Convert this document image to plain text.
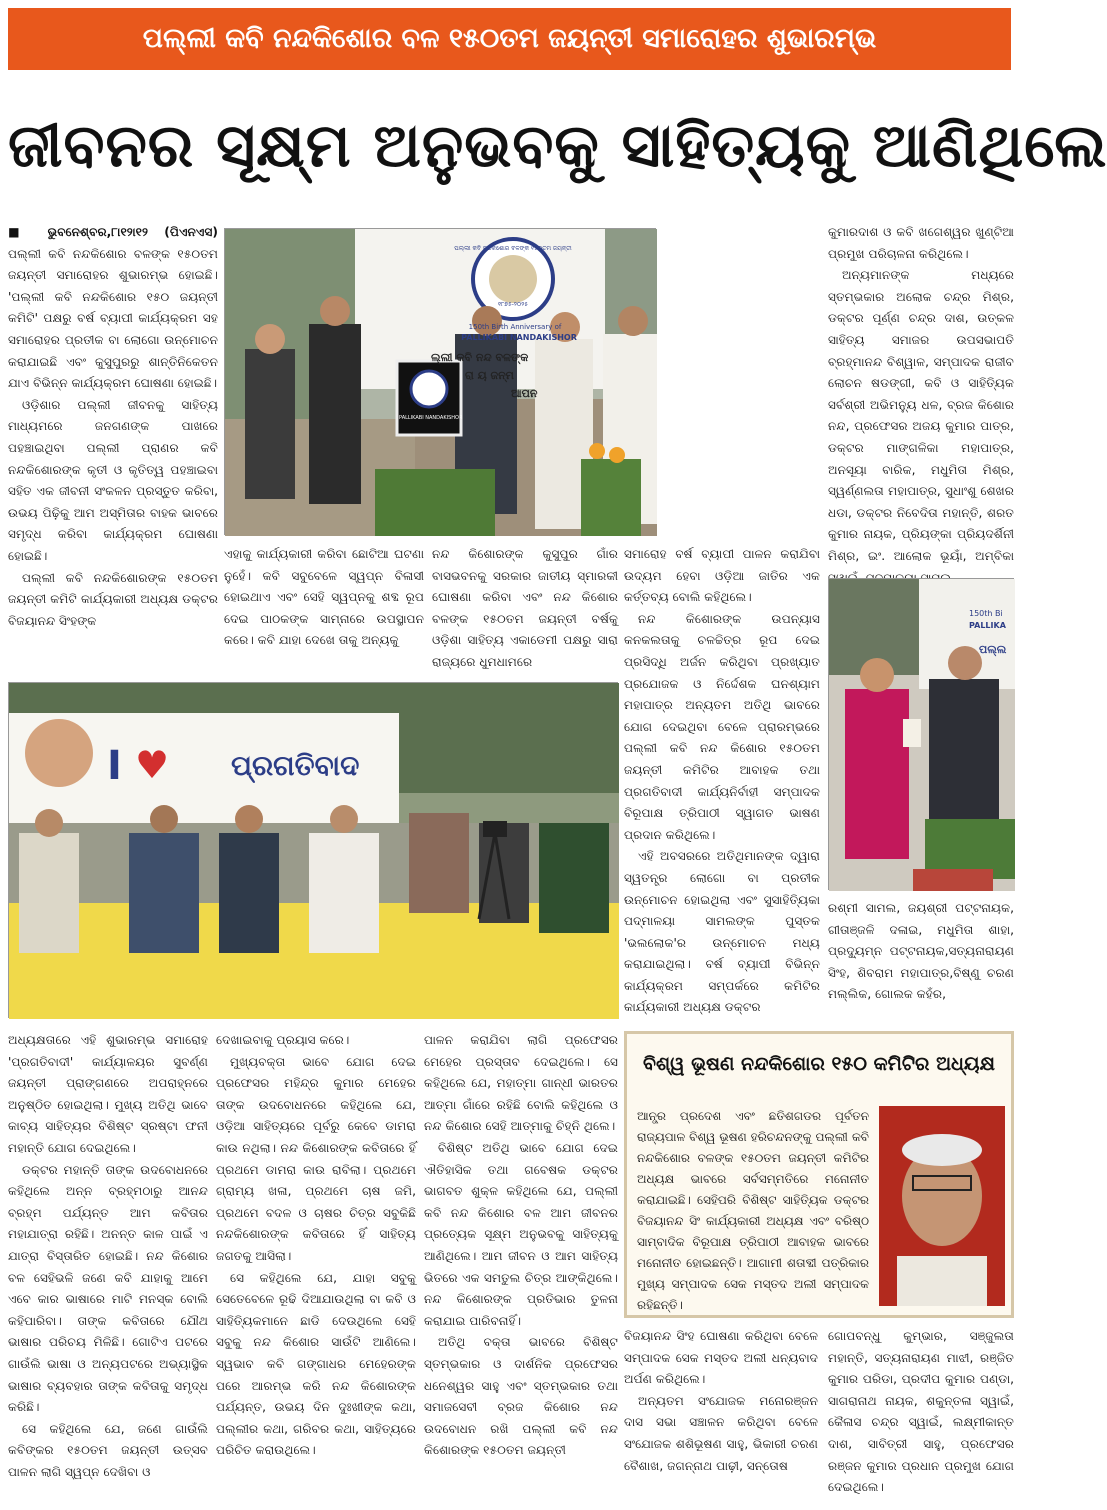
ପଲ୍ଲୀ କବି ନନ୍ଦକିଶୋର ବଳ ୧୫୦ତମ ଜୟନ୍ତୀ ସମାରୋହର ଶୁଭାରମ୍ଭ
ଜୀବନର ସୂକ୍ଷ୍ମ ଅନୁଭବକୁ ସାହିତ୍ୟକୁ ଆଣିଥିଲେ

■ ଭୁବନେଶ୍ବର,୮ା୧୨ା୧୨ (ପିଏନଏସ) ପଲ୍ଲୀ କବି ନନ୍ଦକିଶୋର ବଳଙ୍କ ୧୫୦ତମ ଜୟନ୍ତୀ ସମାରୋହର ଶୁଭାରମ୍ଭ ହୋଇଛି। 'ପଲ୍ଲୀ କବି ନନ୍ଦକିଶୋର ୧୫୦ ଜୟନ୍ତୀ କମିଟି' ପକ୍ଷରୁ ବର୍ଷ ବ୍ୟାପୀ କାର୍ଯ୍ୟକ୍ରମ ସହ ସମାରୋହର ପ୍ରତୀକ ବା ଲୋଗୋ ଉନ୍ମୋଚନ କରାଯାଇଛି ଏବଂ କୁସୁପୁରରୁ ଶାନ୍ତିନିକେତନ ଯାଏ ବିଭିନ୍ନ କାର୍ଯ୍ୟକ୍ରମ ଘୋଷଣା ହୋଇଛି।

ଓଡ଼ିଶାର ପଲ୍ଲୀ ଜୀବନକୁ ସାହିତ୍ୟ ମାଧ୍ୟମରେ ଜନଗଣଙ୍କ ପାଖରେ ପହଞ୍ଚାଇଥିବା ପଲ୍ଲୀ ପ୍ରାଣର କବି ନନ୍ଦକିଶୋରଙ୍କ କୃତୀ ଓ କୃତିତ୍ୱ ପହଞ୍ଚାଇବା ସହିତ ଏକ ଜୀବନୀ ସଂକଳନ ପ୍ରସ୍ତୁତ କରିବା, ଉଭୟ ପିଢ଼ିକୁ ଆମ ଅସ୍ମିତାର ବାହକ ଭାବରେ ସମୃଦ୍ଧ କରିବା କାର୍ଯ୍ୟକ୍ରମ ଘୋଷଣା ହୋଇଛି।

ପଲ୍ଲୀ କବି ନନ୍ଦକିଶୋରଙ୍କ ୧୫୦ତମ ଜୟନ୍ତୀ କମିଟି କାର୍ଯ୍ୟକାରୀ ଅଧ୍ୟକ୍ଷ ଡକ୍ଟର ବିଜୟାନନ୍ଦ ସିଂହଙ୍କ

ପଲ୍ଲୀ କବି ନନ୍ଦକିଶୋର ବଳଙ୍କ ୧୫୦ତମ ଜୟନ୍ତୀ
୧୮୭୫-୨୦୨୫
150th Birth Anniversary of
PALLIKABI NANDAKISHOR
PALLIKABI NANDAKISHOR
ଲ୍ଲୀ କବି ନନ୍ଦ ବଳଙ୍କ
ରା ୟ ଜନ୍ମ
ଆପନ

ଏହାକୁ କାର୍ଯ୍ୟକାରୀ କରିବା ଛୋଟିଆ ଘଟଣା ନୁହେଁ। କବି ସବୁବେଳେ ସ୍ୱପ୍ନ ବିଳାସୀ ହୋଇଥାଏ ଏବଂ ସେହି ସ୍ୱପ୍ନକୁ ଶବ୍ଦ ରୂପ ଦେଇ ପାଠକଙ୍କ ସାମ୍ନାରେ ଉପସ୍ଥାପନ କରେ। କବି ଯାହା ଦେଖେ ତାକୁ ଅନ୍ୟକୁ

ନନ୍ଦ କିଶୋରଙ୍କ କୁସୁପୁର ଗାଁର ବାସଭବନକୁ ସରକାର ଜାତୀୟ ସ୍ମାରକୀ ଘୋଷଣା କରିବା ଏବଂ ନନ୍ଦ କିଶୋର ବଳଙ୍କ ୧୫୦ତମ ଜୟନ୍ତୀ ବର୍ଷକୁ ଓଡ଼ିଶା ସାହିତ୍ୟ ଏକାଡେମୀ ପକ୍ଷରୁ ସାରା ରାଜ୍ୟରେ ଧୁମଧାମରେ

ସମାରୋହ ବର୍ଷ ବ୍ୟାପୀ ପାଳନ କରାଯିବା ଉଦ୍ୟମ ହେବା ଓଡ଼ିଆ ଜାତିର ଏକ କର୍ତ୍ତବ୍ୟ ବୋଲି କହିଥିଲେ।

ନନ୍ଦ କିଶୋରଙ୍କ ଉପନ୍ୟାସ କନକଲତାକୁ ଚଳଚ୍ଚିତ୍ର ରୂପ ଦେଇ ପ୍ରସିଦ୍ଧି ଅର୍ଜନ କରିଥିବା ପ୍ରଖ୍ୟାତ ପ୍ରଯୋଜକ ଓ ନିର୍ଦ୍ଦେଶକ ଘନଶ୍ୟାମ ମହାପାତ୍ର ଅନ୍ୟତମ ଅତିଥି ଭାବରେ ଯୋଗ ଦେଇଥିବା ବେଳେ ପ୍ରାରମ୍ଭରେ ପଲ୍ଲୀ କବି ନନ୍ଦ କିଶୋର ୧୫୦ତମ ଜୟନ୍ତୀ କମିଟିର ଆବାହକ ତଥା ପ୍ରଗତିବାଦୀ କାର୍ଯ୍ୟନିର୍ବାହୀ ସମ୍ପାଦକ ବିରୂପାକ୍ଷ ତ୍ରିପାଠୀ ସ୍ୱାଗତ ଭାଷଣ ପ୍ରଦାନ କରିଥିଲେ।

ଏହି ଅବସରରେ ଅତିଥିମାନଙ୍କ ଦ୍ୱାରା ସ୍ୱତନ୍ତ୍ର ଲୋଗୋ ବା ପ୍ରତୀକ ଉନ୍ମୋଚନ ହୋଇଥିଲା ଏବଂ ସୁସାହିତ୍ୟିକା ପଦ୍ମାଳୟା ସାମଲଙ୍କ ପୁସ୍ତକ 'ଭଲଲୋକ'ର ଉନ୍ମୋଚନ ମଧ୍ୟ କରାଯାଇଥିଲା। ବର୍ଷ ବ୍ୟାପୀ ବିଭିନ୍ନ କାର୍ଯ୍ୟକ୍ରମ ସମ୍ପର୍କରେ କମିଟିର କାର୍ଯ୍ୟକାରୀ ଅଧ୍ୟକ୍ଷ ଡକ୍ଟର

କୁମାରଦାଶ ଓ କବି ଖଗେଶ୍ୱର ଖୁଣ୍ଟିଆ ପ୍ରମୁଖ ପରିଚାଳନା କରିଥିଲେ।

ଅନ୍ୟମାନଙ୍କ ମଧ୍ୟରେ ସ୍ତମ୍ଭକାର ଅଲୋକ ଚନ୍ଦ୍ର ମିଶ୍ର, ଡକ୍ଟର ପୂର୍ଣ୍ଣ ଚନ୍ଦ୍ର ଦାଶ, ଉତ୍କଳ ସାହିତ୍ୟ ସମାଜର ଉପସଭାପତି ବ୍ରହ୍ମାନନ୍ଦ ବିଶ୍ୱାଳ, ସମ୍ପାଦକ ରାଜୀବ ଲୋଚନ ଷଡଙ୍ଗୀ, କବି ଓ ସାହିତ୍ୟିକ ସର୍ବଶ୍ରୀ ଅଭିମନ୍ୟୁ ଧଳ, ବ୍ରଜ କିଶୋର ନନ୍ଦ, ପ୍ରଫେସର ଅଜୟ କୁମାର ପାତ୍ର, ଡକ୍ଟର ମାଙ୍ଗଳିକା ମହାପାତ୍ର, ଅନସୂୟା ବାରିକ, ମଧୁମିତା ମିଶ୍ର, ସ୍ୱର୍ଣ୍ଣଲତା ମହାପାତ୍ର, ସୁଧାଂଶୁ ଶେଖର ଧଡା, ଡକ୍ଟର ନିବେଦିତା ମହାନ୍ତି, ଶରତ କୁମାର ନାୟକ, ପ୍ରିୟଙ୍କା ପ୍ରିୟଦର୍ଶିନୀ ମିଶ୍ର, ଇଂ. ଆଲୋକ ଭୂୟାଁ, ଅମ୍ବିକା

150th Bi
PALLIKA
ପଲ୍ଲ

ରଶ୍ମୀ ସାମଲ, ଜୟଶ୍ରୀ ପଟ୍ଟନାୟକ, ଗୀତାଞ୍ଜଳି ଦଳାଇ, ମଧୁମିତା ଶାହା, ପ୍ରଦ୍ୟୁମ୍ନ ପଟ୍ଟନାୟକ,ସତ୍ୟନାରାୟଣ ସିଂହ, ଶିବରାମ ମହାପାତ୍ର,ବିଷ୍ଣୁ ଚରଣ ମଲ୍ଲିକ, ଗୋଲକ କହଁର,

I ♥ ପ୍ରଗତିବାଦ

ଅଧ୍ୟକ୍ଷତାରେ ଏହି ଶୁଭାରମ୍ଭ ସମାରୋହ 'ପ୍ରଗତିବାଦୀ' କାର୍ଯ୍ୟାଳୟର ସୁବର୍ଣ୍ଣ ଜୟନ୍ତୀ ପ୍ରାଙ୍ଗଣରେ ଅପରାହ୍ନରେ ଅନୁଷ୍ଠିତ ହୋଇଥିଲା। ମୁଖ୍ୟ ଅତିଥି ଭାବେ କାବ୍ୟ ସାହିତ୍ୟର ବିଶିଷ୍ଟ ସ୍ରଷ୍ଟା ଫନୀ ମହାନ୍ତି ଯୋଗ ଦେଇଥିଲେ।

ଡକ୍ଟର ମହାନ୍ତି ତାଙ୍କ ଉଦବୋଧନରେ କହିଥିଲେ ଅନ୍ନ ବ୍ରହ୍ମଠାରୁ ଆନନ୍ଦ ବ୍ରହ୍ମ ପର୍ଯ୍ୟନ୍ତ ଆମ କବିତାର ମହାଯାତ୍ରା ରହିଛି। ଅନନ୍ତ କାଳ ପାଇଁ ଏ ଯାତ୍ରା ବିସ୍ତାରିତ ହୋଇଛି। ନନ୍ଦ କିଶୋର ବଳ ସେହିଭଳି ଜଣେ କବି ଯାହାକୁ ଆମେ ଏବେ କାର ଭାଷାରେ ମାଟି ମନସ୍କ ବୋଲି କହିପାରିବା। ତାଙ୍କ କବିତାରେ ଯୌଥ ଭାଷାର ପରିଚୟ ମିଳିଛି। ଗୋଟିଏ ପଟରେ ଗାଉଁଲି ଭାଷା ଓ ଅନ୍ୟପଟରେ ଅଭ୍ୟାସ୍ଥିକ ଭାଷାର ବ୍ୟବହାର ତାଙ୍କ କବିତାକୁ ସମୃଦ୍ଧ କରିଛି।

ସେ କହିଥିଲେ ଯେ, ଜଣେ ଗାଉଁଲି କବିଙ୍କର ୧୫୦ତମ ଜୟନ୍ତୀ ଉତ୍ସବ ପାଳନ ଲାଗି ସ୍ୱପ୍ନ ଦେଖିବା ଓ

ଦେଖାଇବାକୁ ପ୍ରୟାସ କରେ।

ମୁଖ୍ୟବକ୍ତା ଭାବେ ଯୋଗ ଦେଇ ପ୍ରଫେସର ମହିନ୍ଦ୍ର କୁମାର ମେହେର ତାଙ୍କ ଉଦବୋଧନରେ କହିଥିଲେ ଯେ, ଓଡ଼ିଆ ସାହିତ୍ୟରେ ପୂର୍ବରୁ କେବେ ଡାମରା କାଉ ନଥିଲା। ନନ୍ଦ କିଶୋରଙ୍କ କବିତାରେ ହିଁ ପ୍ରଥମେ ଡାମରା କାଉ ରାବିଲା। ପ୍ରଥମେ ଗ୍ରାମ୍ୟ ଖଳା, ପ୍ରଥମେ ଚାଷ ଜମି, ପ୍ରଥମେ ବଦଳ ଓ ଚାଷର ଚିତ୍ର ସବୁକିଛି ନନ୍ଦକିଶୋରଙ୍କ କବିତାରେ ହିଁ ସାହିତ୍ୟ ଜଗତକୁ ଆସିଲା।

ସେ କହିଥିଲେ ଯେ, ଯାହା ସବୁକୁ ସେତେବେଳେ ରୂଢି ଦିଆଯାଉଥିଲା ବା କବି ଓ ସାହିତ୍ୟିକମାନେ ଛାଡି ଦେଉଥିଲେ ସେହି ସବୁକୁ ନନ୍ଦ କିଶୋର ସାଉଁଟି ଆଣିଲେ। ସ୍ୱଭାବ କବି ଗଙ୍ଗାଧର ମେହେରଙ୍କ ପରେ ଆରମ୍ଭ କରି ନନ୍ଦ କିଶୋରଙ୍କ ପର୍ଯ୍ୟନ୍ତ, ଉଭୟ ଦିନ ଦୁଃଖୀଙ୍କ କଥା, ପଲ୍ଲୀର କଥା, ଗରିବର କଥା, ସାହିତ୍ୟରେ ପରିଚିତ କରାଉଥିଲେ।

ପାଳନ କରାଯିବା ଲାଗି ପ୍ରଫେସର ମେହେର ପ୍ରସ୍ତାବ ଦେଇଥିଲେ। ସେ କହିଥିଲେ ଯେ, ମହାତ୍ମା ଗାନ୍ଧୀ ଭାରତର ଆତ୍ମା ଗାଁରେ ରହିଛି ବୋଲି କହିଥିଲେ ଓ ନନ୍ଦ କିଶୋର ସେହି ଆତ୍ମାକୁ ଚିହ୍ନି ଥିଲେ।

ବିଶିଷ୍ଟ ଅତିଥି ଭାବେ ଯୋଗ ଦେଇ ଐତିହାସିକ ତଥା ଗବେଷକ ଡକ୍ଟର ଭାଗବତ ଶୁକ୍ଳ କହିଥିଲେ ଯେ, ପଲ୍ଲୀ କବି ନନ୍ଦ କିଶୋର ବଳ ଆମ ଜୀବନର ପ୍ରତ୍ୟେକ ସୂକ୍ଷ୍ମ ଅନୁଭବକୁ ସାହିତ୍ୟକୁ ଆଣିଥିଲେ। ଆମ ଜୀବନ ଓ ଆମ ସାହିତ୍ୟ ଭିତରେ ଏକ ସମତୁଲ ଚିତ୍ର ଆଙ୍କିଥିଲେ। ନନ୍ଦ କିଶୋରଙ୍କ ପ୍ରତିଭାର ତୁଳନା କରାଯାଇ ପାରିବନାହିଁ।

ଅତିଥି ବକ୍ତା ଭାବରେ ବିଶିଷ୍ଟ ସ୍ତମ୍ଭକାର ଓ ଦାର୍ଶନିକ ପ୍ରଫେସର ଧନେଶ୍ୱର ସାହୁ ଏବଂ ସ୍ତମ୍ଭକାର ତଥା ସମାଜସେବୀ ବ୍ରଜ କିଶୋର ନନ୍ଦ ଉଦବୋଧନ ରଖି ପଲ୍ଲୀ କବି ନନ୍ଦ କିଶୋରଙ୍କ ୧୫୦ତମ ଜୟନ୍ତୀ

ବିଶ୍ୱ ଭୂଷଣ ନନ୍ଦକିଶୋର ୧୫୦ କମିଟିର ଅଧ୍ୟକ୍ଷ
ଆନ୍ଧ୍ର ପ୍ରଦେଶ ଏବଂ ଛତିଶଗଡର ପୂର୍ବତନ ରାଜ୍ୟପାଳ ବିଶ୍ୱ ଭୂଷଣ ହରିଚନ୍ଦନଙ୍କୁ ପଲ୍ଲୀ କବି ନନ୍ଦକିଶୋର ବଳଙ୍କ ୧୫୦ତମ ଜୟନ୍ତୀ କମିଟିର ଅଧ୍ୟକ୍ଷ ଭାବରେ ସର୍ବସମ୍ମତିରେ ମନୋନୀତ କରାଯାଇଛି। ସେହିପରି ବିଶିଷ୍ଟ ସାହିତ୍ୟିକ ଡକ୍ଟର ବିଜୟାନନ୍ଦ ସିଂ କାର୍ଯ୍ୟକାରୀ ଅଧ୍ୟକ୍ଷ ଏବଂ ବରିଷ୍ଠ ସାମ୍ବାଦିକ ବିରୂପାକ୍ଷ ତ୍ରିପାଠୀ ଆବାହକ ଭାବରେ ମନୋନୀତ ହୋଇଛନ୍ତି। ଆଗାମୀ ଶତାବ୍ଦୀ ପତ୍ରିକାର ମୁଖ୍ୟ ସମ୍ପାଦକ ସେକ ମସ୍ତଦ ଅଲୀ ସମ୍ପାଦକ ରହିଛନ୍ତି।

ବିଜୟାନନ୍ଦ ସିଂହ ଘୋଷଣା କରିଥିବା ବେଳେ ସମ୍ପାଦକ ସେକ ମସ୍ତଦ ଅଲୀ ଧନ୍ୟବାଦ ଅର୍ପଣ କରିଥିଲେ।

ଅନ୍ୟତମ ସଂଯୋଜକ ମନୋରଞ୍ଜନ ଦାସ ସଭା ସଞ୍ଚାଳନ କରିଥିବା ବେଳେ ସଂଯୋଜକ ଶଶିଭୂଷଣ ସାହୁ, ଭିକାରୀ ଚରଣ ବୈଶାଖ, ଜଗନ୍ନାଥ ପାଢ଼ୀ, ସନ୍ତୋଷ

ଗୋପବନ୍ଧୁ କୁମ୍ଭାର, ସଞ୍ଜୁଲତା ମହାନ୍ତି, ସତ୍ୟନାରାୟଣ ମାଝୀ, ରଞ୍ଜିତ କୁମାର ପରିଡା, ପ୍ରଦୀପ କୁମାର ପଣ୍ଡା, ସାଗରାନାଥ ନାୟକ, ଶକୁନ୍ତଳା ସ୍ୱାଇଁ, କୈଳାସ ଚନ୍ଦ୍ର ସ୍ୱାଇଁ, ଲକ୍ଷ୍ମୀକାନ୍ତ ଦାଶ, ସାବିତ୍ରୀ ସାହୁ, ପ୍ରଫେସର ରଞ୍ଜନ କୁମାର ପ୍ରଧାନ ପ୍ରମୁଖ ଯୋଗ ଦେଇଥିଲେ।
